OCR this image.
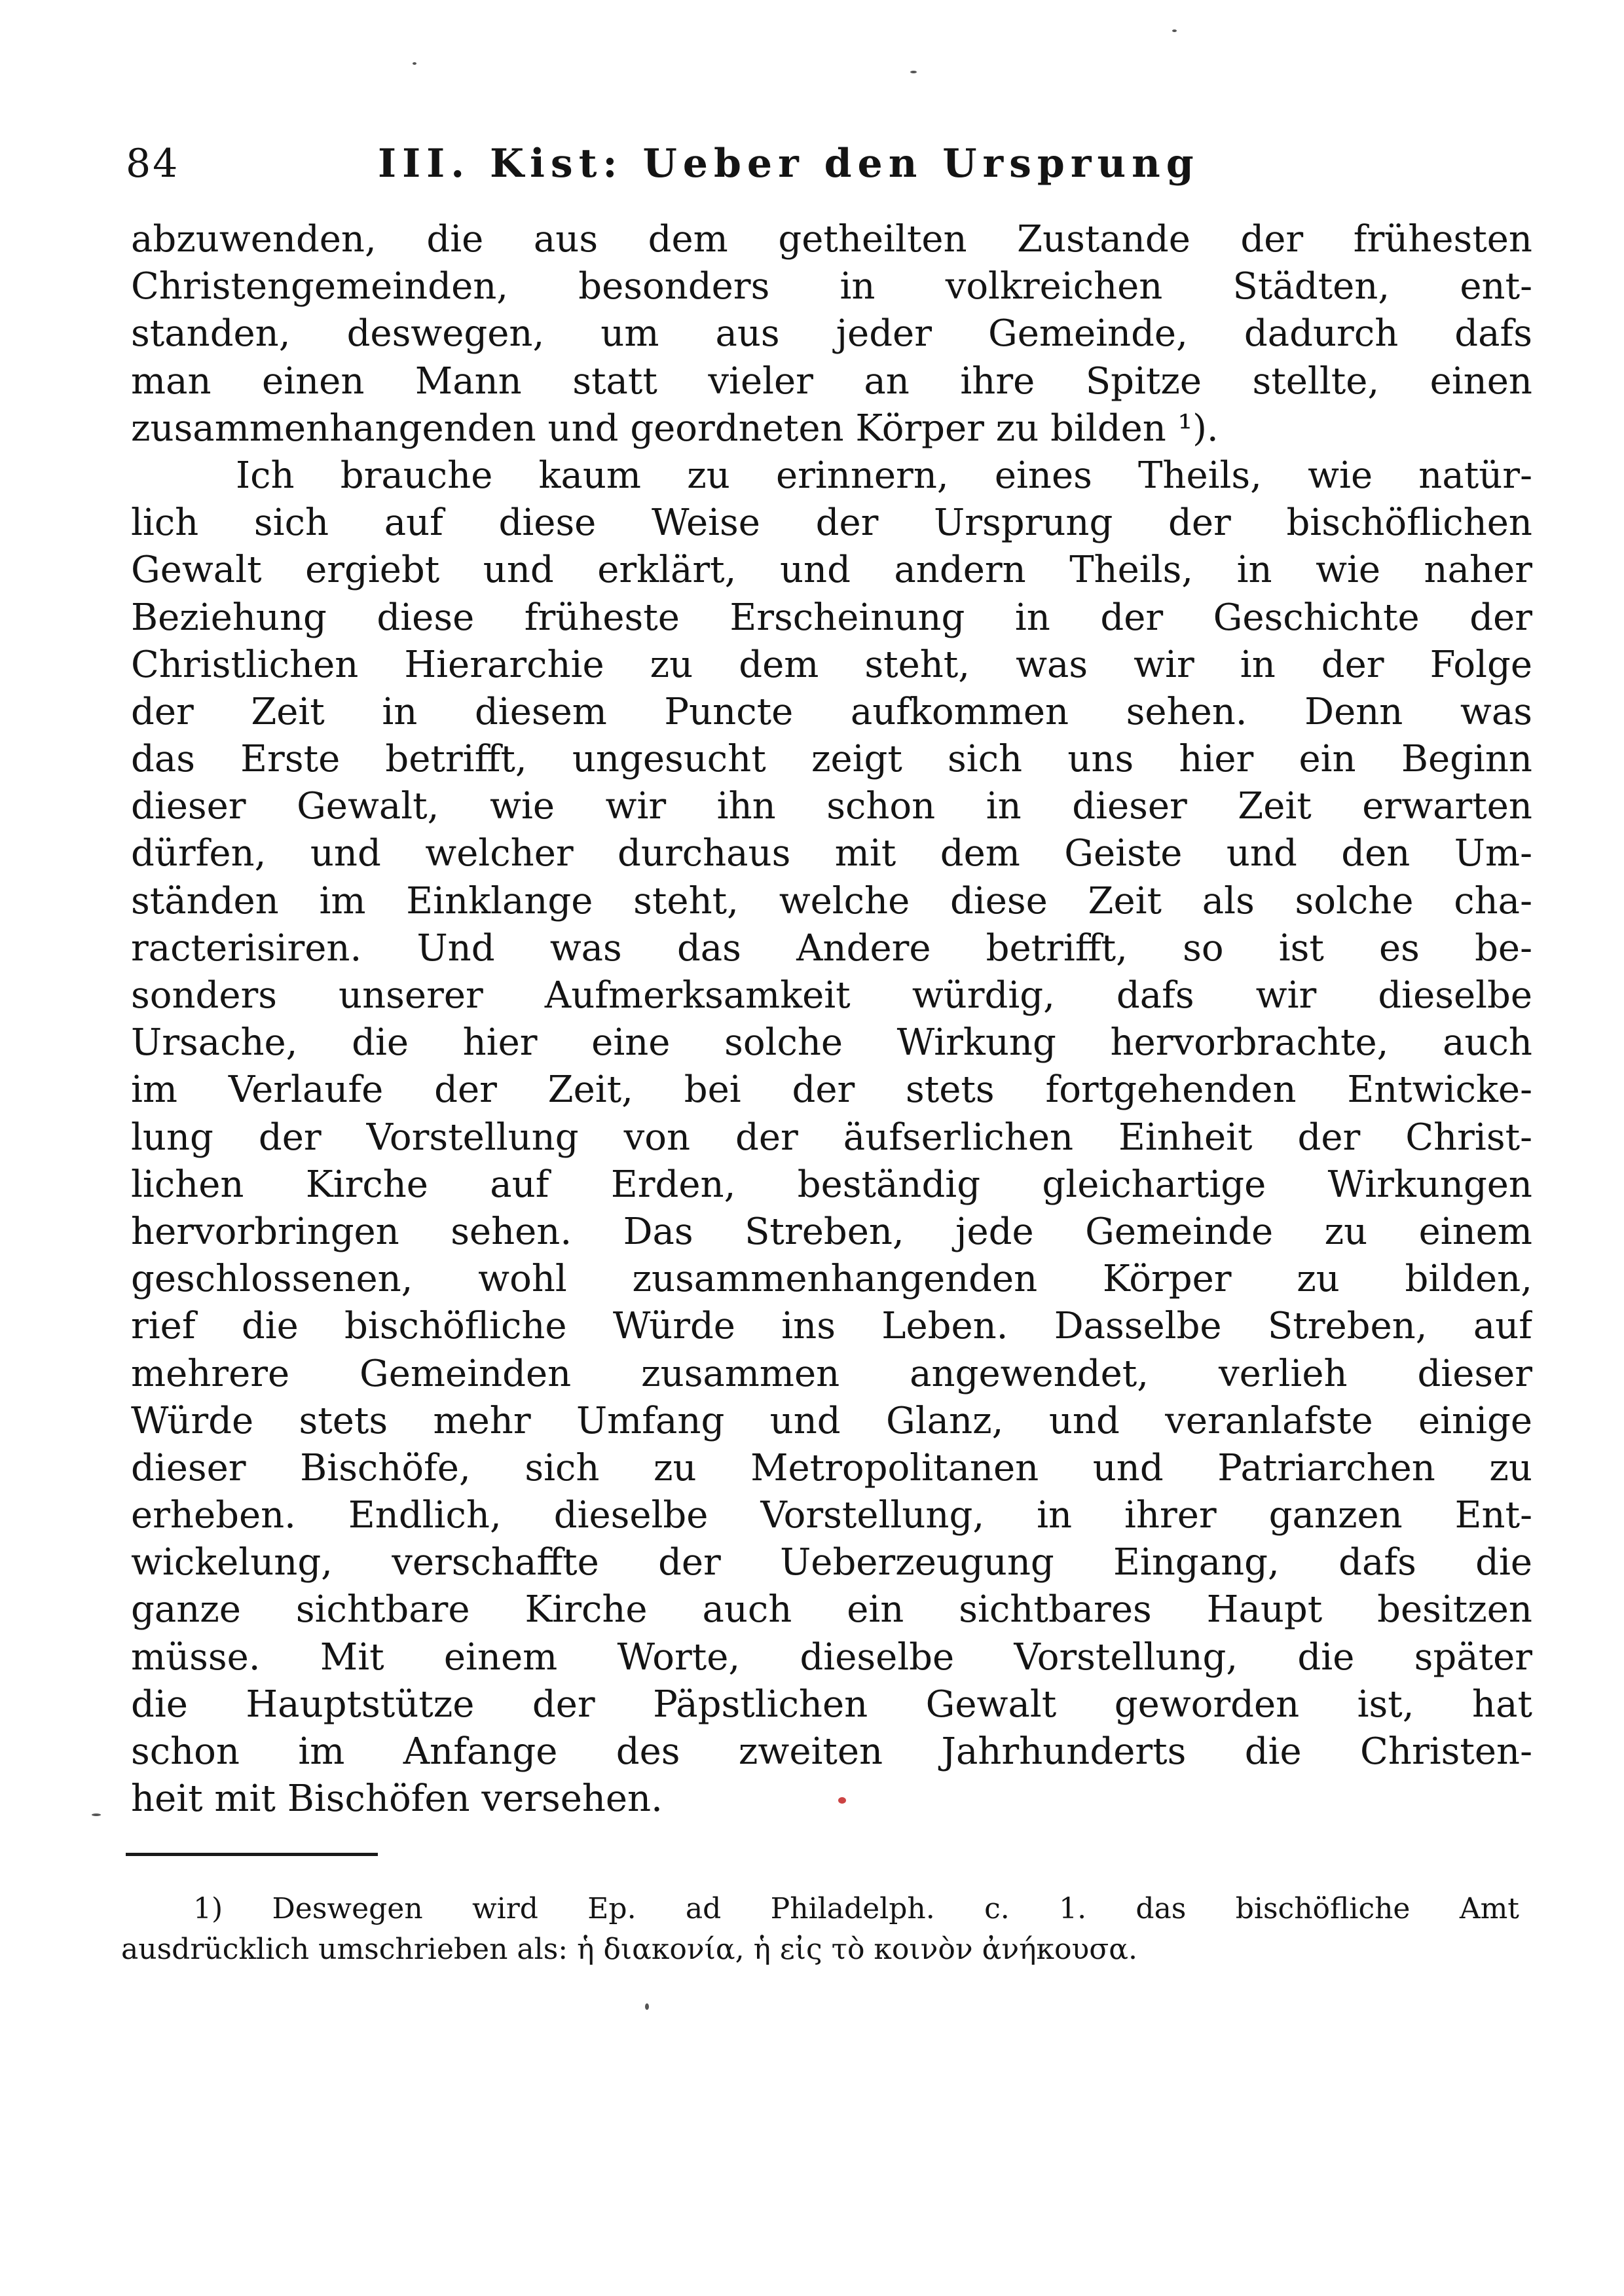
84	III. Kist: Ueber den Ursprung
abzuwenden, die aus dem getheilten Zustande der frühesten
Christengemeinden, besonders in volkreichen Städten, ent-
standen, deswegen, um aus jeder Gemeinde, dadurch dafs
man einen Mann statt vieler an ihre Spitze stellte, einen
zusammenhangenden und geordneten Körper zu bilden ¹).
Ich brauche kaum zu erinnern, eines Theils, wie natür-
lich sich auf diese Weise der Ursprung der bischöflichen
Gewalt ergiebt und erklärt, und andern Theils, in wie naher
Beziehung diese früheste Erscheinung in der Geschichte der
Christlichen Hierarchie zu dem steht, was wir in der Folge
der Zeit in diesem Puncte aufkommen sehen. Denn was
das Erste betrifft, ungesucht zeigt sich uns hier ein Beginn
dieser Gewalt, wie wir ihn schon in dieser Zeit erwarten
dürfen, und welcher durchaus mit dem Geiste und den Um-
ständen im Einklange steht, welche diese Zeit als solche cha-
racterisiren. Und was das Andere betrifft, so ist es be-
sonders unserer Aufmerksamkeit würdig, dafs wir dieselbe
Ursache, die hier eine solche Wirkung hervorbrachte, auch
im Verlaufe der Zeit, bei der stets fortgehenden Entwicke-
lung der Vorstellung von der äufserlichen Einheit der Christ-
lichen Kirche auf Erden, beständig gleichartige Wirkungen
hervorbringen sehen. Das Streben, jede Gemeinde zu einem
geschlossenen, wohl zusammenhangenden Körper zu bilden,
rief die bischöfliche Würde ins Leben. Dasselbe Streben, auf
mehrere Gemeinden zusammen angewendet, verlieh dieser
Würde stets mehr Umfang und Glanz, und veranlafste einige
dieser Bischöfe, sich zu Metropolitanen und Patriarchen zu
erheben. Endlich, dieselbe Vorstellung, in ihrer ganzen Ent-
wickelung, verschaffte der Ueberzeugung Eingang, dafs die
ganze sichtbare Kirche auch ein sichtbares Haupt besitzen
müsse. Mit einem Worte, dieselbe Vorstellung, die später
die Hauptstütze der Päpstlichen Gewalt geworden ist, hat
schon im Anfange des zweiten Jahrhunderts die Christen-
heit mit Bischöfen versehen.
1) Deswegen wird Ep. ad Philadelph. c. 1. das bischöfliche Amt
ausdrücklich umschrieben als: ἡ διακονία, ἡ εἰς τὸ κοινὸν ἀνήκουσα.
